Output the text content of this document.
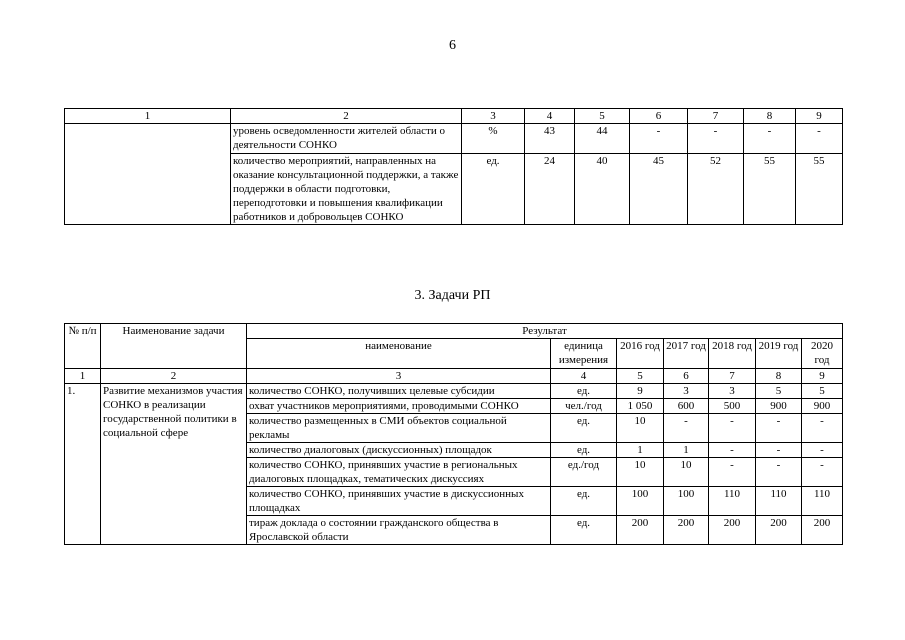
6
1	2	3	4	5	6	7	8	9
	уровень осведомленности жителей области о деятельности СОНКО	%	43	44	-	-	-	-
	количество мероприятий, направленных на оказание консультационной поддержки, а также поддержки в области подготовки, переподготовки и повышения квалификации работников и добровольцев СОНКО	ед.	24	40	45	52	55	55
3. Задачи РП
№ п/п	Наименование задачи	Результат						
		наименование	единица измерения	2016 год	2017 год	2018 год	2019 год	2020 год
1	2	3	4	5	6	7	8	9
1.	Развитие механизмов участия СОНКО в реализации государственной политики в социальной сфере	количество СОНКО, получивших целевые субсидии	ед.	9	3	3	5	5
		охват участников мероприятиями, проводимыми СОНКО	чел./год	1 050	600	500	900	900
		количество размещенных в СМИ объектов социальной рекламы	ед.	10	-	-	-	-
		количество диалоговых (дискуссионных) площадок	ед.	1	1	-	-	-
		количество СОНКО, принявших участие в региональных диалоговых площадках, тематических дискуссиях	ед./год	10	10	-	-	-
		количество СОНКО, принявших участие в дискуссионных площадках	ед.	100	100	110	110	110
		тираж доклада о состоянии гражданского общества в Ярославской области	ед.	200	200	200	200	200
